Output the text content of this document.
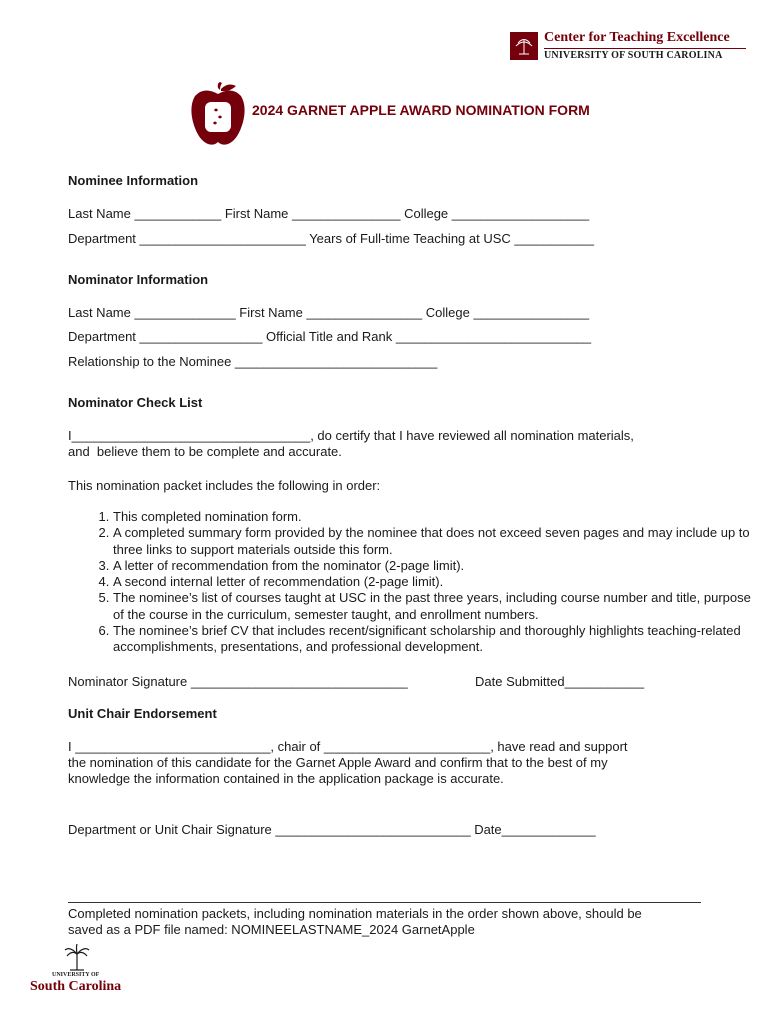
Center for Teaching Excellence
UNIVERSITY OF SOUTH CAROLINA
2024 GARNET APPLE AWARD NOMINATION FORM
Nominee Information
Last Name ____________ First Name _______________ College ___________________
Department _______________________ Years of Full-time Teaching at USC ___________
Nominator Information
Last Name ______________ First Name ________________ College ________________
Department _________________ Official Title and Rank ___________________________
Relationship to the Nominee ____________________________
Nominator Check List
I_________________________________, do certify that I have reviewed all nomination materials,
and  believe them to be complete and accurate.
This nomination packet includes the following in order:
1. This completed nomination form.
2. A completed summary form provided by the nominee that does not exceed seven pages and may include up to three links to support materials outside this form.
3. A letter of recommendation from the nominator (2-page limit).
4. A second internal letter of recommendation (2-page limit).
5. The nominee’s list of courses taught at USC in the past three years, including course number and title, purpose of the course in the curriculum, semester taught, and enrollment numbers.
6. The nominee’s brief CV that includes recent/significant scholarship and thoroughly highlights teaching-related accomplishments, presentations, and professional development.
Nominator Signature ______________________________	Date Submitted___________
Unit Chair Endorsement
I ___________________________, chair of _______________________, have read and support
the nomination of this candidate for the Garnet Apple Award and confirm that to the best of my
knowledge the information contained in the application package is accurate.
Department or Unit Chair Signature ___________________________ Date_____________
Completed nomination packets, including nomination materials in the order shown above, should be
saved as a PDF file named: NOMINEELASTNAME_2024 GarnetApple
UNIVERSITY OF
South Carolina
